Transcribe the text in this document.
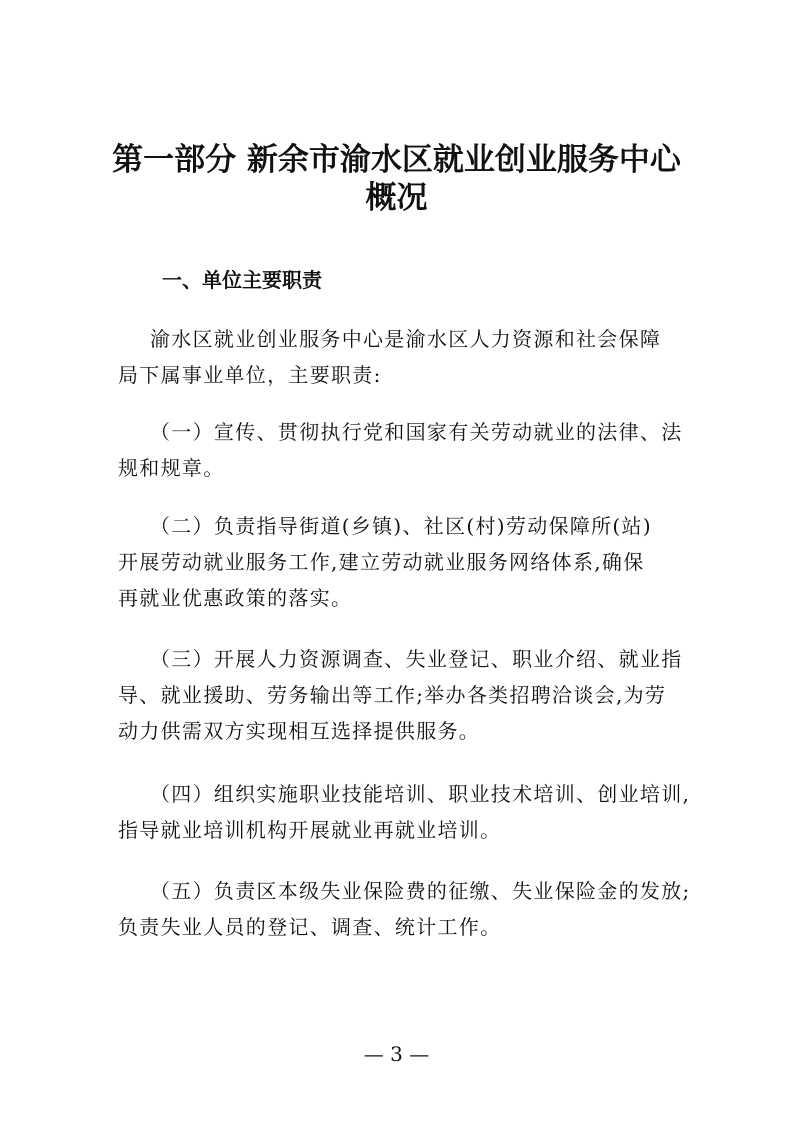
第一部分 新余市渝水区就业创业服务中心
概况
一、单位主要职责
渝水区就业创业服务中心是渝水区人力资源和社会保障
局下属事业单位，主要职责:
（一）宣传、贯彻执行党和国家有关劳动就业的法律、法
规和规章。
（二）负责指导街道(乡镇)、社区(村)劳动保障所(站)
开展劳动就业服务工作,建立劳动就业服务网络体系,确保
再就业优惠政策的落实。
（三）开展人力资源调查、失业登记、职业介绍、就业指
导、就业援助、劳务输出等工作;举办各类招聘洽谈会,为劳
动力供需双方实现相互选择提供服务。
（四）组织实施职业技能培训、职业技术培训、创业培训,
指导就业培训机构开展就业再就业培训。
（五）负责区本级失业保险费的征缴、失业保险金的发放;
负责失业人员的登记、调查、统计工作。
— 3 —
